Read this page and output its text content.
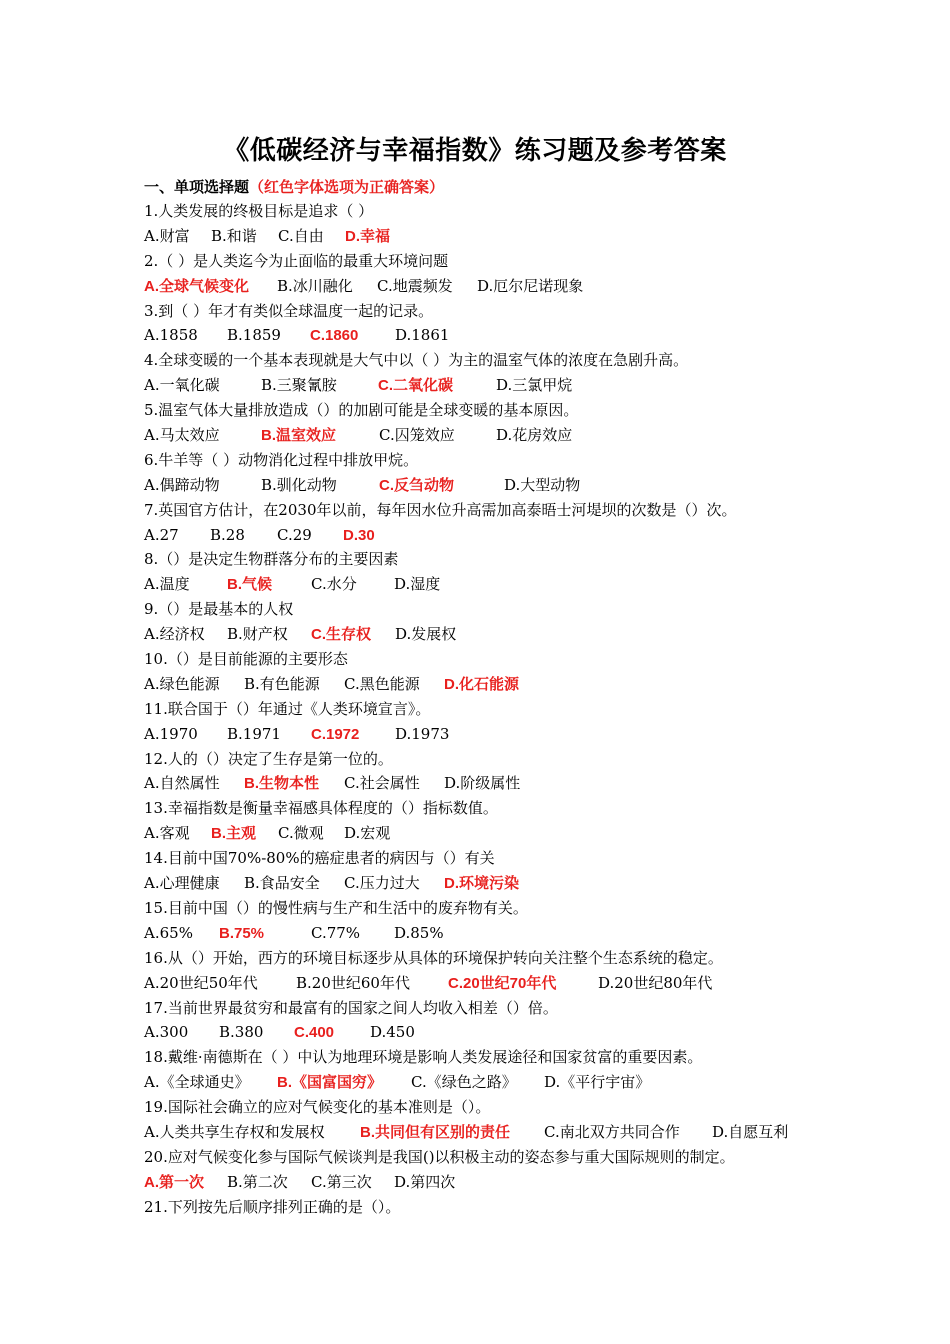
《低碳经济与幸福指数》练习题及参考答案
一、单项选择题（红色字体选项为正确答案）
1.人类发展的终极目标是追求（ ）
A.财富 B.和谐 C.自由 D.幸福
2.（ ）是人类迄今为止面临的最重大环境问题
A.全球气候变化 B.冰川融化 C.地震频发 D.厄尔尼诺现象
3.到（ ）年才有类似全球温度一起的记录。
A.1858 B.1859 C.1860 D.1861
4.全球变暖的一个基本表现就是大气中以（ ）为主的温室气体的浓度在急剧升高。
A.一氧化碳	B.三聚氰胺	C.二氧化碳	D.三氯甲烷
5.温室气体大量排放造成（）的加剧可能是全球变暖的基本原因。
A.马太效应	B.温室效应	C.囚笼效应	D.花房效应
6.牛羊等（ ）动物消化过程中排放甲烷。
A.偶蹄动物	B.驯化动物	C.反刍动物	D.大型动物
7.英国官方估计，在2030年以前，每年因水位升高需加高泰晤士河堤坝的次数是（）次。
A.27 B.28 C.29 D.30
8.（）是决定生物群落分布的主要因素
A.温度 B.气候	C.水分 D.湿度
9.（）是最基本的人权
A.经济权 B.财产权 C.生存权 D.发展权
10.（）是目前能源的主要形态
A.绿色能源 B.有色能源 C.黑色能源 D.化石能源
11.联合国于（）年通过《人类环境宣言》。
A.1970 B.1971 C.1972 D.1973
12.人的（）决定了生存是第一位的。
A.自然属性 B.生物本性 C.社会属性 D.阶级属性
13.幸福指数是衡量幸福感具体程度的（）指标数值。
A.客观 B.主观 C.微观 D.宏观
14.目前中国70%-80%的癌症患者的病因与（）有关
A.心理健康 B.食品安全 C.压力过大 D.环境污染
15.目前中国（）的慢性病与生产和生活中的废弃物有关。
A.65% B.75%	C.77% D.85%
16.从（）开始，西方的环境目标逐步从具体的环境保护转向关注整个生态系统的稳定。
A.20世纪50年代	B.20世纪60年代	C.20世纪70年代	D.20世纪80年代
17.当前世界最贫穷和最富有的国家之间人均收入相差（）倍。
A.300 B.380 C.400 D.450
18.戴维·南德斯在（ ）中认为地理环境是影响人类发展途径和国家贫富的重要因素。
A.《全球通史》 B.《国富国穷》 C.《绿色之路》 D.《平行宇宙》
19.国际社会确立的应对气候变化的基本准则是（）。
A.人类共享生存权和发展权 B.共同但有区别的责任 C.南北双方共同合作 D.自愿互利
20.应对气候变化参与国际气候谈判是我国()以积极主动的姿态参与重大国际规则的制定。
A.第一次 B.第二次 C.第三次 D.第四次
21.下列按先后顺序排列正确的是（）。
